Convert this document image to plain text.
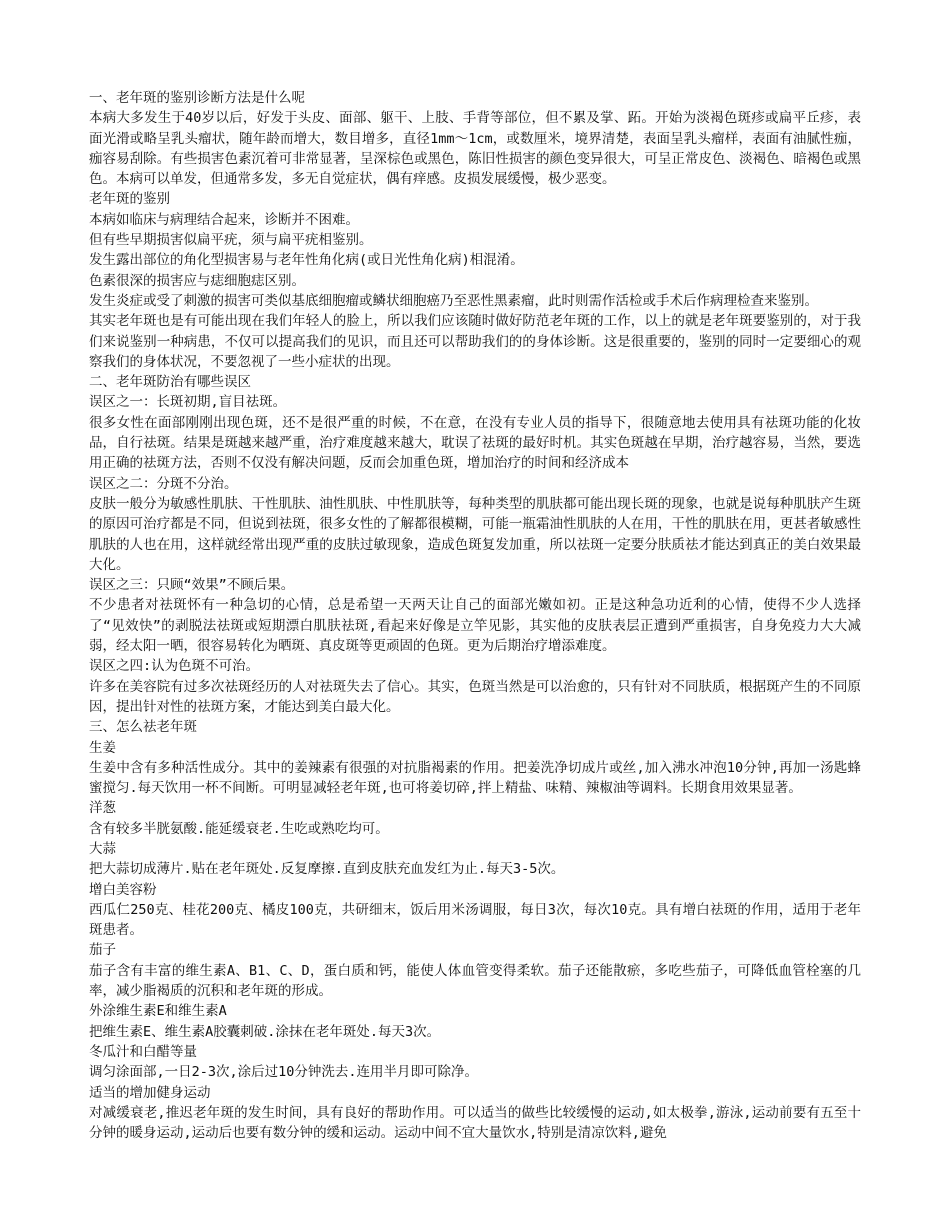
一、老年斑的鉴别诊断方法是什么呢

本病大多发生于40岁以后，好发于头皮、面部、躯干、上肢、手背等部位，但不累及掌、跖。开始为淡褐色斑疹或扁平丘疹，表面光滑或略呈乳头瘤状，随年龄而增大，数目增多，直径1mm～1cm，或数厘米，境界清楚，表面呈乳头瘤样，表面有油腻性痂，痂容易刮除。有些损害色素沉着可非常显著，呈深棕色或黑色，陈旧性损害的颜色变异很大，可呈正常皮色、淡褐色、暗褐色或黑色。本病可以单发，但通常多发，多无自觉症状，偶有痒感。皮损发展缓慢，极少恶变。

老年斑的鉴别

本病如临床与病理结合起来，诊断并不困难。

但有些早期损害似扁平疣，须与扁平疣相鉴别。

发生露出部位的角化型损害易与老年性角化病(或日光性角化病)相混淆。

色素很深的损害应与痣细胞痣区别。

发生炎症或受了刺激的损害可类似基底细胞瘤或鳞状细胞癌乃至恶性黑素瘤，此时则需作活检或手术后作病理检查来鉴别。

其实老年斑也是有可能出现在我们年轻人的脸上，所以我们应该随时做好防范老年斑的工作，以上的就是老年斑要鉴别的，对于我们来说鉴别一种病患，不仅可以提高我们的见识，而且还可以帮助我们的的身体诊断。这是很重要的，鉴别的同时一定要细心的观察我们的身体状况，不要忽视了一些小症状的出现。

二、老年斑防治有哪些误区

误区之一：长斑初期,盲目祛斑。

很多女性在面部刚刚出现色斑，还不是很严重的时候，不在意，在没有专业人员的指导下，很随意地去使用具有祛斑功能的化妆品，自行祛斑。结果是斑越来越严重，治疗难度越来越大，耽误了祛斑的最好时机。其实色斑越在早期，治疗越容易，当然，要选用正确的祛斑方法，否则不仅没有解决问题，反而会加重色斑，增加治疗的时间和经济成本

误区之二：分斑不分治。

皮肤一般分为敏感性肌肤、干性肌肤、油性肌肤、中性肌肤等，每种类型的肌肤都可能出现长斑的现象，也就是说每种肌肤产生斑的原因可治疗都是不同，但说到祛斑，很多女性的了解都很模糊，可能一瓶霜油性肌肤的人在用，干性的肌肤在用，更甚者敏感性肌肤的人也在用，这样就经常出现严重的皮肤过敏现象，造成色斑复发加重，所以祛斑一定要分肤质祛才能达到真正的美白效果最大化。

误区之三：只顾“效果”不顾后果。

不少患者对祛斑怀有一种急切的心情，总是希望一天两天让自己的面部光嫩如初。正是这种急功近利的心情，使得不少人选择了“见效快”的剥脱法祛斑或短期漂白肌肤祛斑,看起来好像是立竿见影，其实他的皮肤表层正遭到严重损害，自身免疫力大大减弱，经太阳一晒，很容易转化为晒斑、真皮斑等更顽固的色斑。更为后期治疗增添难度。

误区之四:认为色斑不可治。

许多在美容院有过多次祛斑经历的人对祛斑失去了信心。其实，色斑当然是可以治愈的，只有针对不同肤质，根据斑产生的不同原因，提出针对性的祛斑方案，才能达到美白最大化。

三、怎么祛老年斑

生姜

生姜中含有多种活性成分。其中的姜辣素有很强的对抗脂褐素的作用。把姜洗净切成片或丝,加入沸水冲泡10分钟,再加一汤匙蜂蜜搅匀.每天饮用一杯不间断。可明显减轻老年斑,也可将姜切碎,拌上精盐、味精、辣椒油等调料。长期食用效果显著。

洋葱

含有较多半胱氨酸.能延缓衰老.生吃或熟吃均可。

大蒜

把大蒜切成薄片.贴在老年斑处.反复摩擦.直到皮肤充血发红为止.每天3-5次。

增白美容粉

西瓜仁250克、桂花200克、橘皮100克，共研细末，饭后用米汤调服，每日3次，每次10克。具有增白祛斑的作用，适用于老年斑患者。

茄子

茄子含有丰富的维生素A、B1、C、D，蛋白质和钙，能使人体血管变得柔软。茄子还能散瘀，多吃些茄子，可降低血管栓塞的几率，减少脂褐质的沉积和老年斑的形成。

外涂维生素E和维生素A

把维生素E、维生素A胶囊刺破.涂抹在老年斑处.每天3次。

冬瓜汁和白醋等量

调匀涂面部,一日2-3次,涂后过10分钟洗去.连用半月即可除净。

适当的增加健身运动

对减缓衰老,推迟老年斑的发生时间，具有良好的帮助作用。可以适当的做些比较缓慢的运动,如太极拳,游泳,运动前要有五至十分钟的暖身运动,运动后也要有数分钟的缓和运动。运动中间不宜大量饮水,特别是清凉饮料,避免
